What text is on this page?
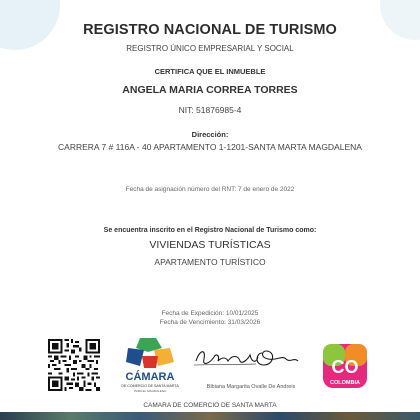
REGISTRO NACIONAL DE TURISMO
REGISTRO ÚNICO EMPRESARIAL Y SOCIAL
CERTIFICA QUE EL INMUEBLE
ANGELA MARIA CORREA TORRES
NIT: 51876985-4
Dirección:
CARRERA 7 # 116A - 40 APARTAMENTO 1-1201-SANTA MARTA MAGDALENA
Fecha de asignación número del RNT: 7 de enero de 2022
Se encuentra inscrito en el Registro Nacional de Turismo como:
VIVIENDAS TURÍSTICAS
APARTAMENTO TURÍSTICO
Fecha de Expedición: 10/01/2025
Fecha de Vencimiento: 31/03/2026
CÁMARA
DE COMERCIO DE SANTA MARTA
PARA EL MAGDALENA
Bibiana Margarita Ovalle De Andreis
CO
COLOMBIA
CAMARA DE COMERCIO DE SANTA MARTA
